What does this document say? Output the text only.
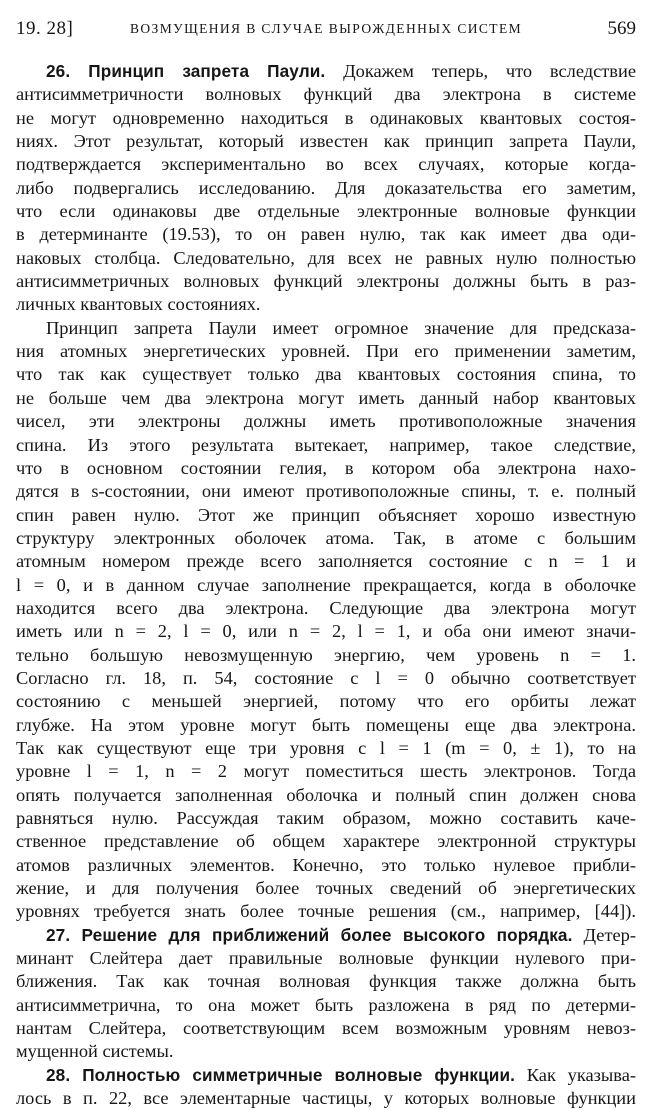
19. 28]	ВОЗМУЩЕНИЯ В СЛУЧАЕ ВЫРОЖДЕННЫХ СИСТЕМ	569
26. Принцип запрета Паули. Докажем теперь, что вследствие
антисимметричности волновых функций два электрона в системе
не могут одновременно находиться в одинаковых квантовых состоя-
ниях. Этот результат, который известен как принцип запрета Паули,
подтверждается экспериментально во всех случаях, которые когда-
либо подвергались исследованию. Для доказательства его заметим,
что если одинаковы две отдельные электронные волновые функции
в детерминанте (19.53), то он равен нулю, так как имеет два оди-
наковых столбца. Следовательно, для всех не равных нулю полностью
антисимметричных волновых функций электроны должны быть в раз-
личных квантовых состояниях.
Принцип запрета Паули имеет огромное значение для предсказа-
ния атомных энергетических уровней. При его применении заметим,
что так как существует только два квантовых состояния спина, то
не больше чем два электрона могут иметь данный набор квантовых
чисел, эти электроны должны иметь противоположные значения
спина. Из этого результата вытекает, например, такое следствие,
что в основном состоянии гелия, в котором оба электрона нахо-
дятся в s-состоянии, они имеют противоположные спины, т. е. полный
спин равен нулю. Этот же принцип объясняет хорошо известную
структуру электронных оболочек атома. Так, в атоме с большим
атомным номером прежде всего заполняется состояние с n = 1 и
l = 0, и в данном случае заполнение прекращается, когда в оболочке
находится всего два электрона. Следующие два электрона могут
иметь или n = 2, l = 0, или n = 2, l = 1, и оба они имеют значи-
тельно большую невозмущенную энергию, чем уровень n = 1.
Согласно гл. 18, п. 54, состояние с l = 0 обычно соответствует
состоянию с меньшей энергией, потому что его орбиты лежат
глубже. На этом уровне могут быть помещены еще два электрона.
Так как существуют еще три уровня с l = 1 (m = 0, ± 1), то на
уровне l = 1, n = 2 могут поместиться шесть электронов. Тогда
опять получается заполненная оболочка и полный спин должен снова
равняться нулю. Рассуждая таким образом, можно составить каче-
ственное представление об общем характере электронной структуры
атомов различных элементов. Конечно, это только нулевое прибли-
жение, и для получения более точных сведений об энергетических
уровнях требуется знать более точные решения (см., например, [44]).
27. Решение для приближений более высокого порядка. Детер-
минант Слейтера дает правильные волновые функции нулевого при-
ближения. Так как точная волновая функция также должна быть
антисимметрична, то она может быть разложена в ряд по детерми-
нантам Слейтера, соответствующим всем возможным уровням невоз-
мущенной системы.
28. Полностью симметричные волновые функции. Как указыва-
лось в п. 22, все элементарные частицы, у которых волновые функции
